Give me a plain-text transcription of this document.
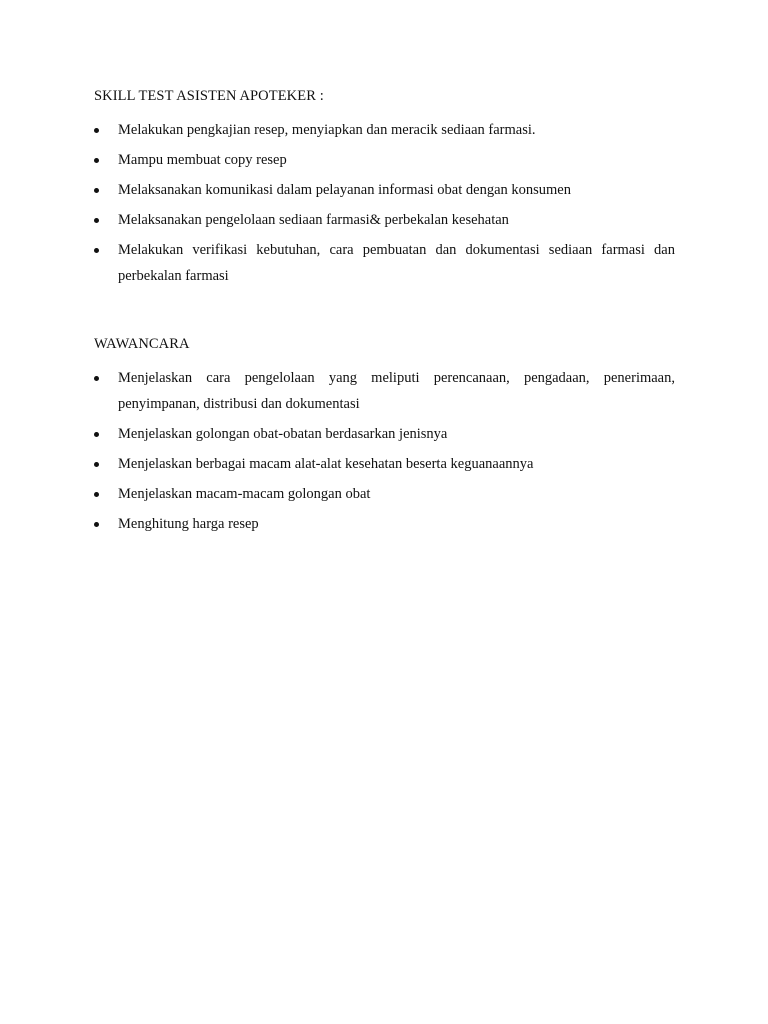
SKILL TEST ASISTEN APOTEKER :
Melakukan pengkajian resep, menyiapkan dan meracik sediaan farmasi.
Mampu membuat copy resep
Melaksanakan komunikasi dalam pelayanan informasi obat dengan konsumen
Melaksanakan pengelolaan sediaan farmasi& perbekalan kesehatan
Melakukan verifikasi kebutuhan, cara pembuatan dan dokumentasi sediaan farmasi dan perbekalan farmasi
WAWANCARA
Menjelaskan cara pengelolaan yang meliputi perencanaan, pengadaan, penerimaan, penyimpanan, distribusi dan dokumentasi
Menjelaskan golongan obat-obatan berdasarkan jenisnya
Menjelaskan berbagai macam alat-alat kesehatan beserta keguanaannya
Menjelaskan macam-macam golongan obat
Menghitung harga resep
